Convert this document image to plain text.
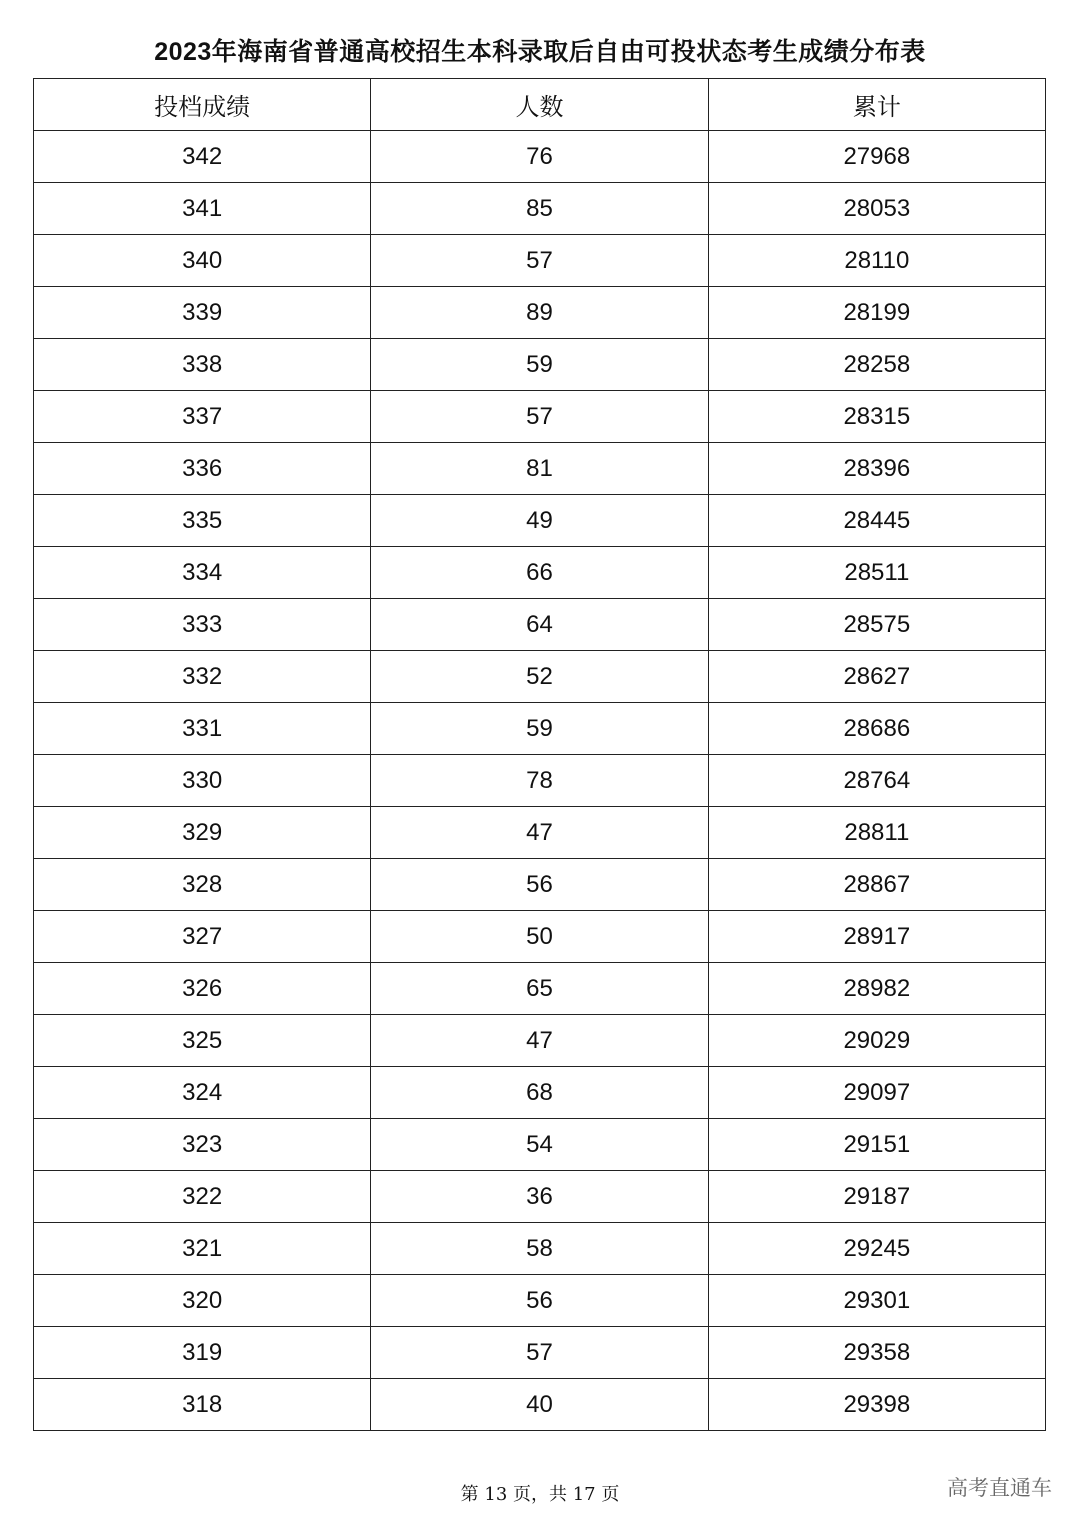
2023年海南省普通高校招生本科录取后自由可投状态考生成绩分布表
投档成绩	人数	累计
342	76	27968
341	85	28053
340	57	28110
339	89	28199
338	59	28258
337	57	28315
336	81	28396
335	49	28445
334	66	28511
333	64	28575
332	52	28627
331	59	28686
330	78	28764
329	47	28811
328	56	28867
327	50	28917
326	65	28982
325	47	29029
324	68	29097
323	54	29151
322	36	29187
321	58	29245
320	56	29301
319	57	29358
318	40	29398
第 13 页，共 17 页	高考直通车
